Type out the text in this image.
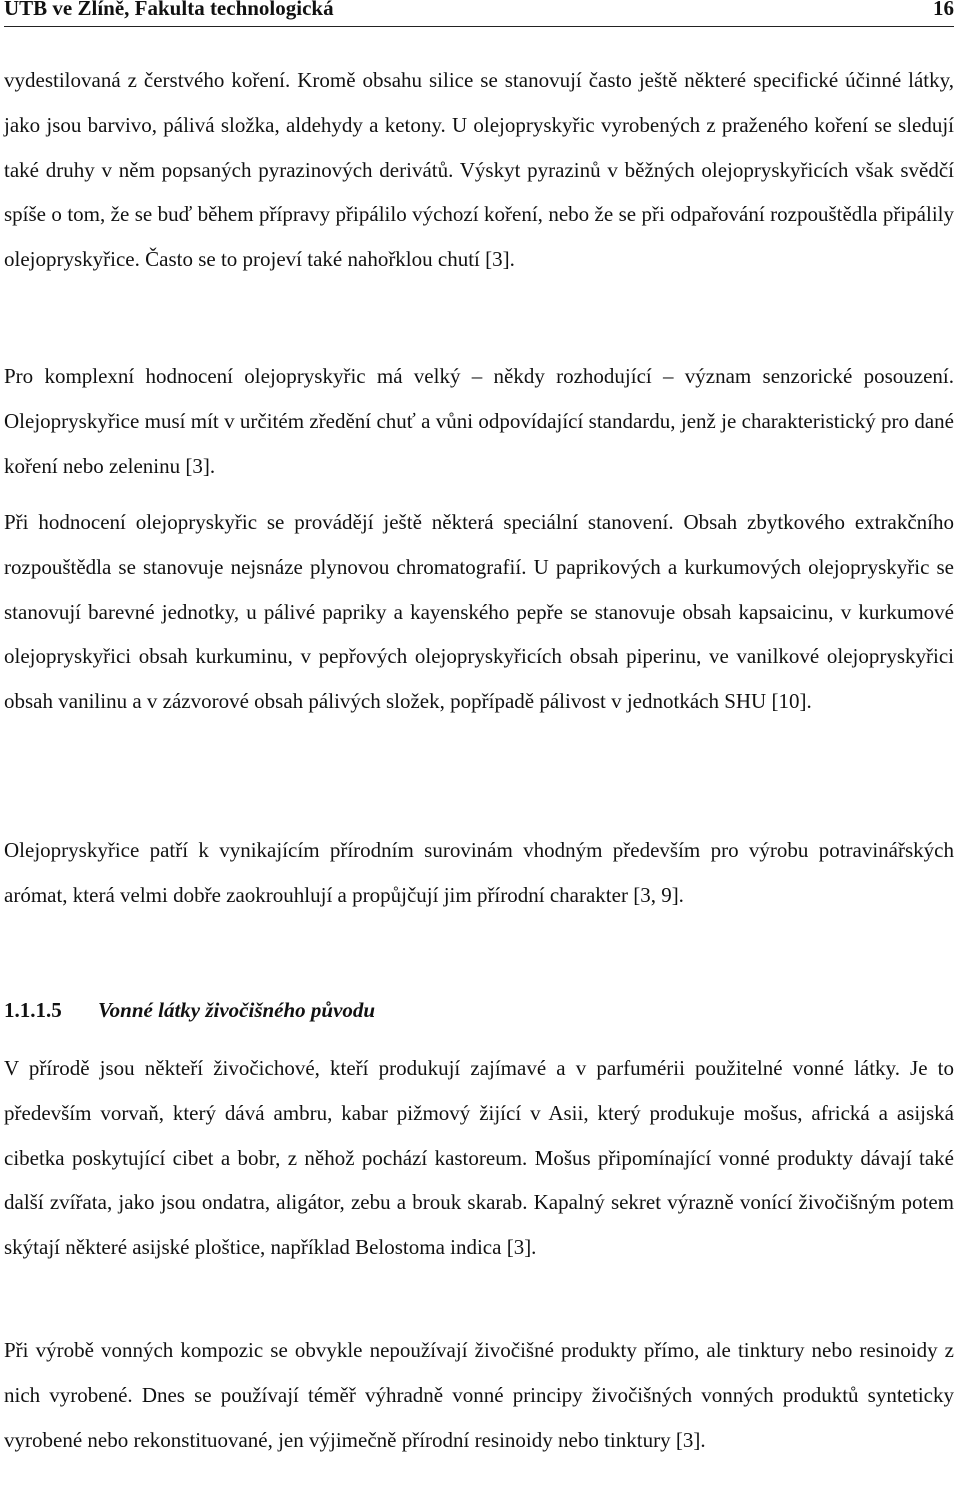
UTB ve Zlíně, Fakulta technologická	16

vydestilovaná z čerstvého koření. Kromě obsahu silice se stanovují často ještě některé specifické účinné látky, jako jsou barvivo, pálivá složka, aldehydy a ketony. U olejopryskyřic vyrobených z praženého koření se sledují také druhy v něm popsaných pyrazinových derivátů. Výskyt pyrazinů v běžných olejopryskyřicích však svědčí spíše o tom, že se buď během přípravy připálilo výchozí koření, nebo že se při odpařování rozpouštědla připálily olejopryskyřice. Často se to projeví také nahořklou chutí [3].

Pro komplexní hodnocení olejopryskyřic má velký – někdy rozhodující – význam senzorické posouzení. Olejopryskyřice musí mít v určitém zředění chuť a vůni odpovídající standardu, jenž je charakteristický pro dané koření nebo zeleninu [3].

Při hodnocení olejopryskyřic se provádějí ještě některá speciální stanovení. Obsah zbytkového extrakčního rozpouštědla se stanovuje nejsnáze plynovou chromatografií. U paprikových a kurkumových olejopryskyřic se stanovují barevné jednotky, u pálivé papriky a kayenského pepře se stanovuje obsah kapsaicinu, v kurkumové olejopryskyřici obsah kurkuminu, v pepřových olejopryskyřicích obsah piperinu, ve vanilkové olejopryskyřici obsah vanilinu a v zázvorové obsah pálivých složek, popřípadě pálivost v jednotkách SHU [10].

Olejopryskyřice patří k vynikajícím přírodním surovinám vhodným především pro výrobu potravinářských arómat, která velmi dobře zaokrouhlují a propůjčují jim přírodní charakter [3, 9].

1.1.1.5 Vonné látky živočišného původu

V přírodě jsou někteří živočichové, kteří produkují zajímavé a v parfumérii použitelné vonné látky. Je to především vorvaň, který dává ambru, kabar pižmový žijící v Asii, který produkuje mošus, africká a asijská cibetka poskytující cibet a bobr, z něhož pochází kastoreum. Mošus připomínající vonné produkty dávají také další zvířata, jako jsou ondatra, aligátor, zebu a brouk skarab. Kapalný sekret výrazně vonící živočišným potem skýtají některé asijské ploštice, například Belostoma indica [3].

Při výrobě vonných kompozic se obvykle nepoužívají živočišné produkty přímo, ale tinktury nebo resinoidy z nich vyrobené. Dnes se používají téměř výhradně vonné principy živočišných vonných produktů synteticky vyrobené nebo rekonstituované, jen výjimečně přírodní resinoidy nebo tinktury [3].
